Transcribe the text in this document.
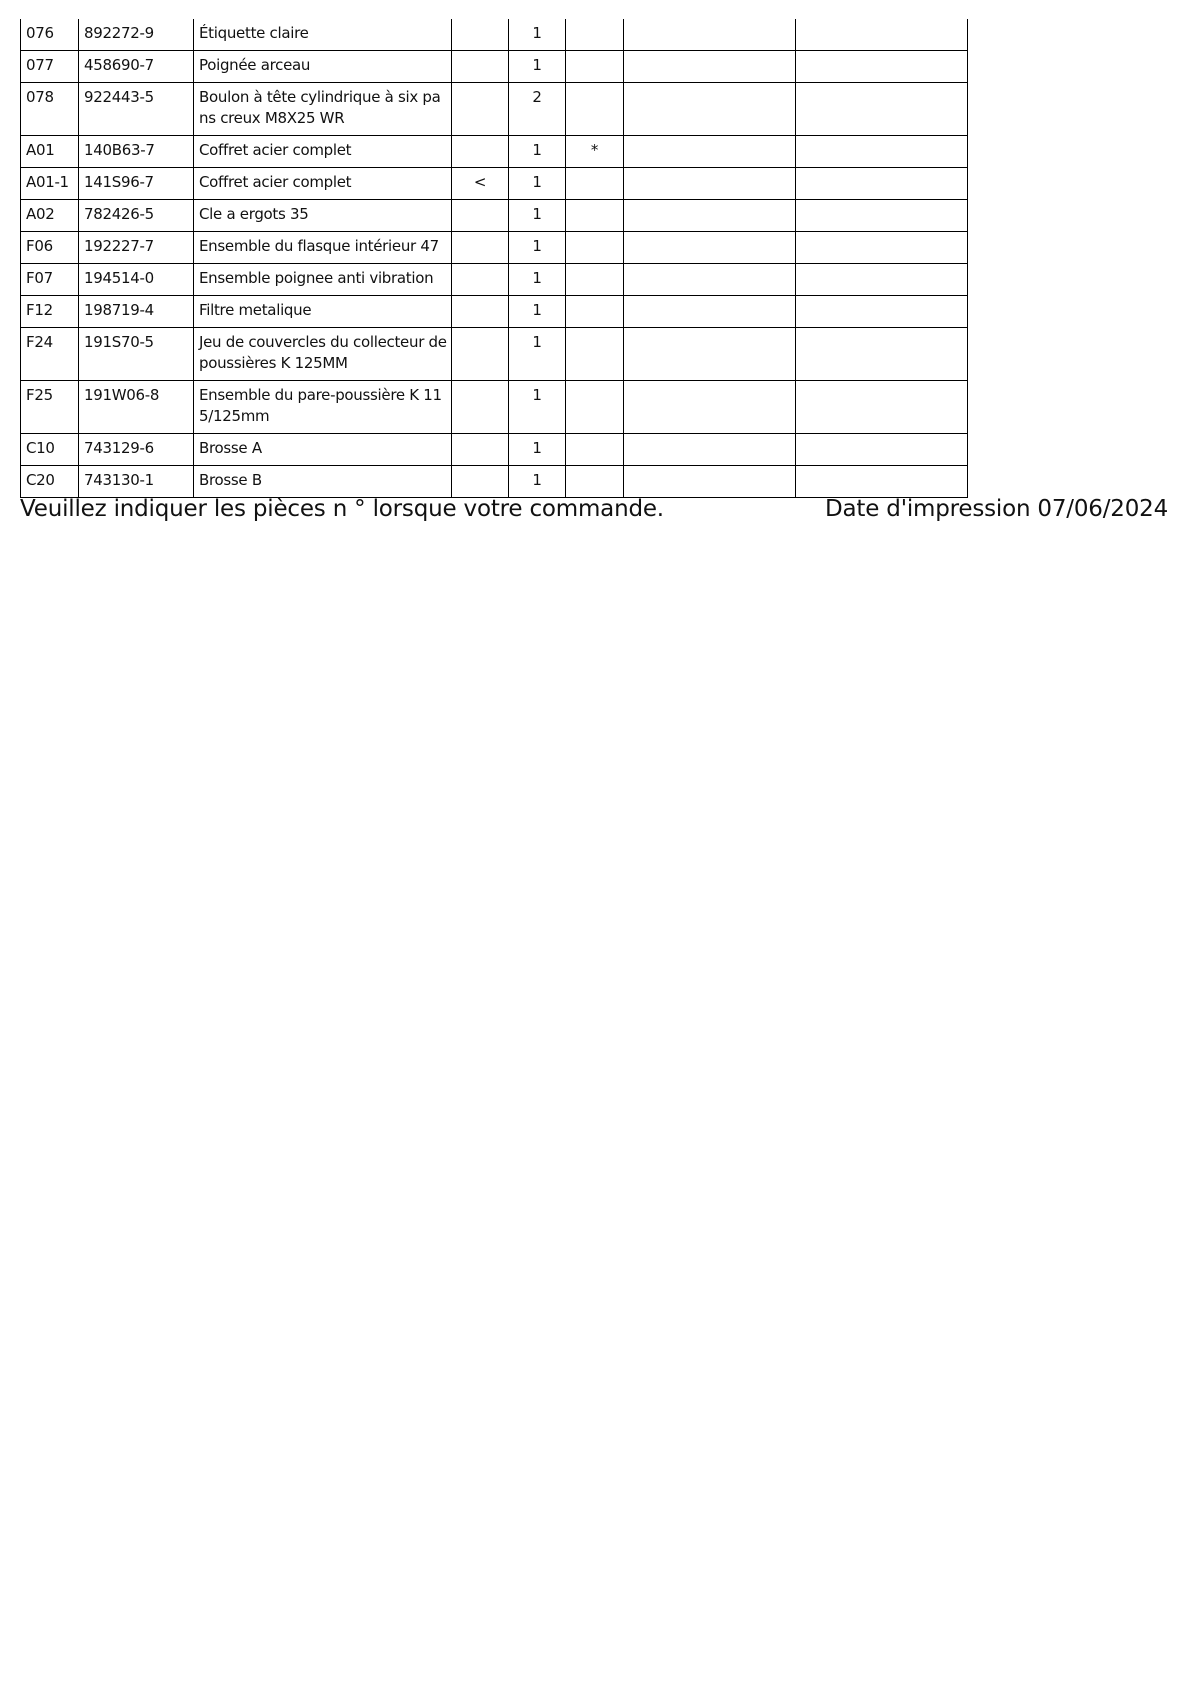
076	892272-9	Étiquette claire		1			
077	458690-7	Poignée arceau		1			
078	922443-5	Boulon à tête cylindrique à six pans creux M8X25 WR		2			
A01	140B63-7	Coffret acier complet		1	*		
A01-1	141S96-7	Coffret acier complet	<	1			
A02	782426-5	Cle a ergots 35		1			
F06	192227-7	Ensemble du flasque intérieur 47		1			
F07	194514-0	Ensemble poignee anti vibration		1			
F12	198719-4	Filtre metalique		1			
F24	191S70-5	Jeu de couvercles du collecteur de poussières K 125MM		1			
F25	191W06-8	Ensemble du pare-poussière K 115/125mm		1			
C10	743129-6	Brosse A		1			
C20	743130-1	Brosse B		1			
Veuillez indiquer les pièces n ° lorsque votre commande.	Date d'impression 07/06/2024
